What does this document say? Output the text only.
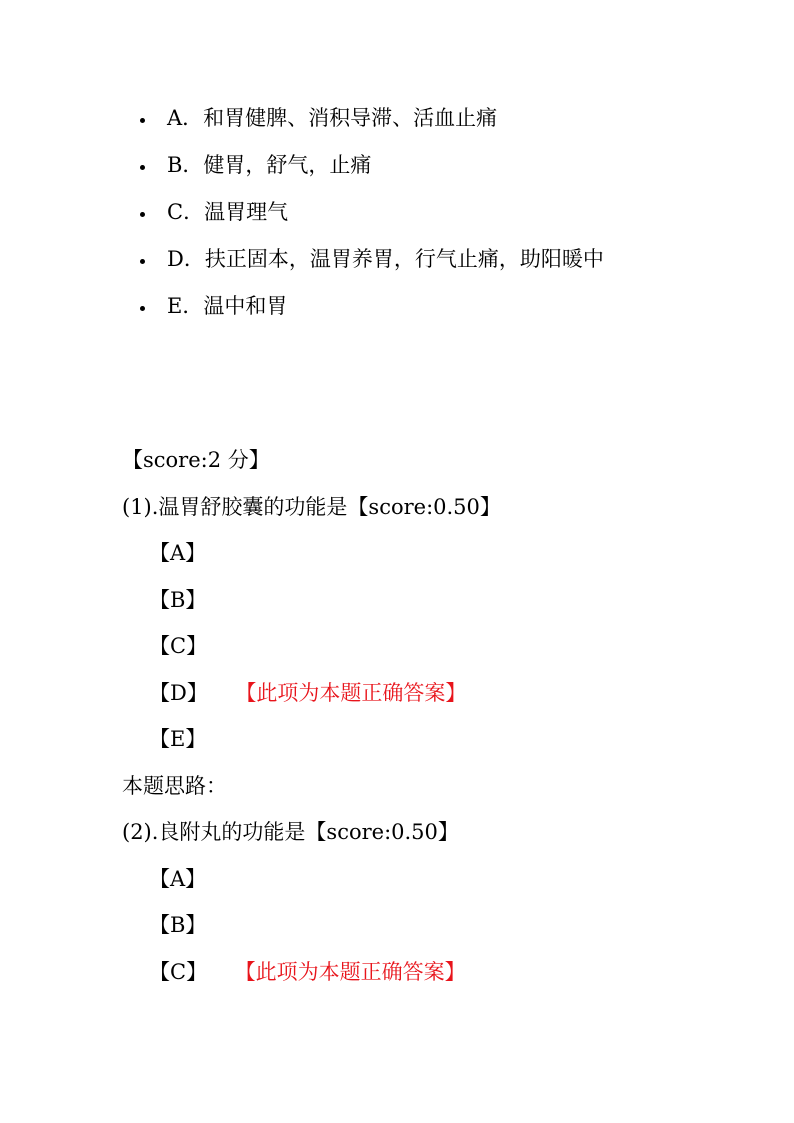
A．和胃健脾、消积导滞、活血止痛
B．健胃，舒气，止痛
C．温胃理气
D．扶正固本，温胃养胃，行气止痛，助阳暖中
E．温中和胃
【score:2 分】
(1).温胃舒胶囊的功能是【score:0.50】
【A】
【B】
【C】
【D】 【此项为本题正确答案】
【E】
本题思路：
(2).良附丸的功能是【score:0.50】
【A】
【B】
【C】 【此项为本题正确答案】
